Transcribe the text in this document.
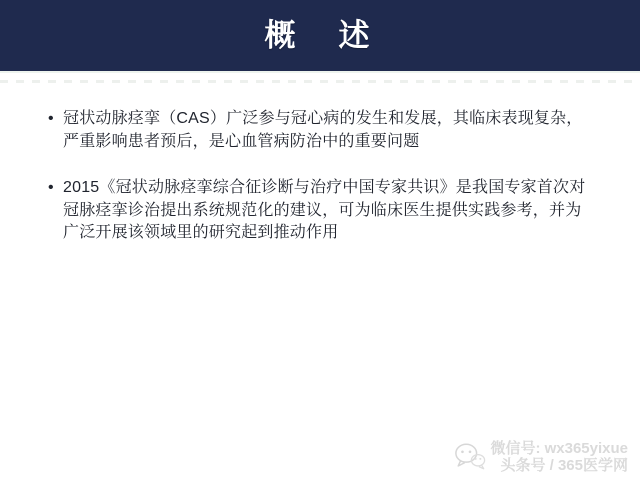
概　述
• 冠状动脉痉挛（CAS）广泛参与冠心病的发生和发展，其临床表现复杂，严重影响患者预后，是心血管病防治中的重要问题
• 2015《冠状动脉痉挛综合征诊断与治疗中国专家共识》是我国专家首次对冠脉痉挛诊治提出系统规范化的建议，可为临床医生提供实践参考，并为广泛开展该领域里的研究起到推动作用
微信号: wx365yixue
头条号 / 365医学网
